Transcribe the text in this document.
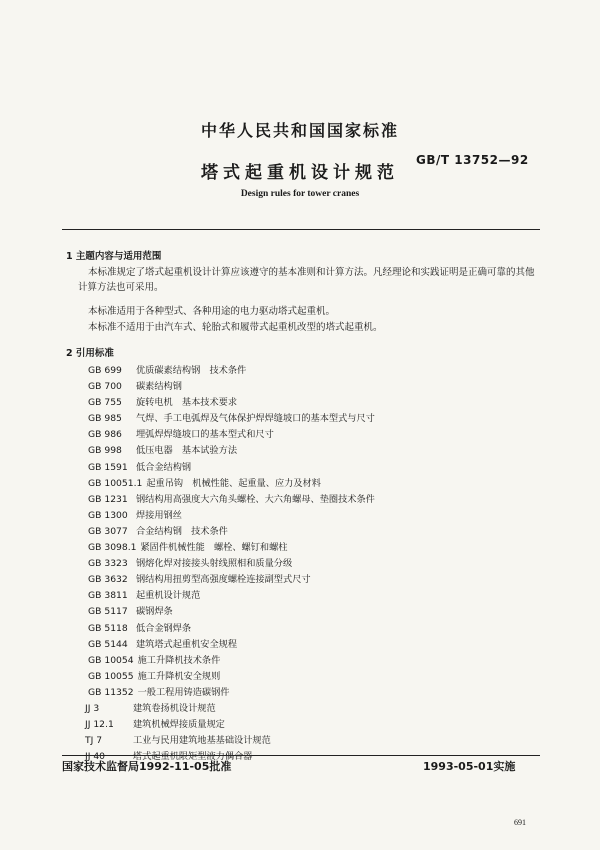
中华人民共和国国家标准
塔式起重机设计规范
GB/T 13752—92
Design rules for tower cranes
1 主题内容与适用范围

本标准规定了塔式起重机设计计算应该遵守的基本准则和计算方法。凡经理论和实践证明是正确可靠的其他计算方法也可采用。

本标准适用于各种型式、各种用途的电力驱动塔式起重机。

本标准不适用于由汽车式、轮胎式和履带式起重机改型的塔式起重机。

2 引用标准
GB 699 优质碳素结构钢　技术条件
GB 700 碳素结构钢
GB 755 旋转电机　基本技术要求
GB 985 气焊、手工电弧焊及气体保护焊焊缝坡口的基本型式与尺寸
GB 986 埋弧焊焊缝坡口的基本型式和尺寸
GB 998 低压电器　基本试验方法
GB 1591 低合金结构钢
GB 10051.1 起重吊钩　机械性能、起重量、应力及材料
GB 1231 钢结构用高强度大六角头螺栓、大六角螺母、垫圈技术条件
GB 1300 焊接用钢丝
GB 3077 合金结构钢　技术条件
GB 3098.1 紧固件机械性能　螺栓、螺钉和螺柱
GB 3323 钢熔化焊对接接头射线照相和质量分级
GB 3632 钢结构用扭剪型高强度螺栓连接副型式尺寸
GB 3811 起重机设计规范
GB 5117 碳钢焊条
GB 5118 低合金钢焊条
GB 5144 建筑塔式起重机安全规程
GB 10054 施工升降机技术条件
GB 10055 施工升降机安全规则
GB 11352 一般工程用铸造碳钢件
JJ 3	建筑卷扬机设计规范
JJ 12.1 建筑机械焊接质量规定
TJ 7	工业与民用建筑地基基础设计规范
JJ 40	塔式起重机限矩型液力偶合器
国家技术监督局1992-11-05批准	1993-05-01实施
691
